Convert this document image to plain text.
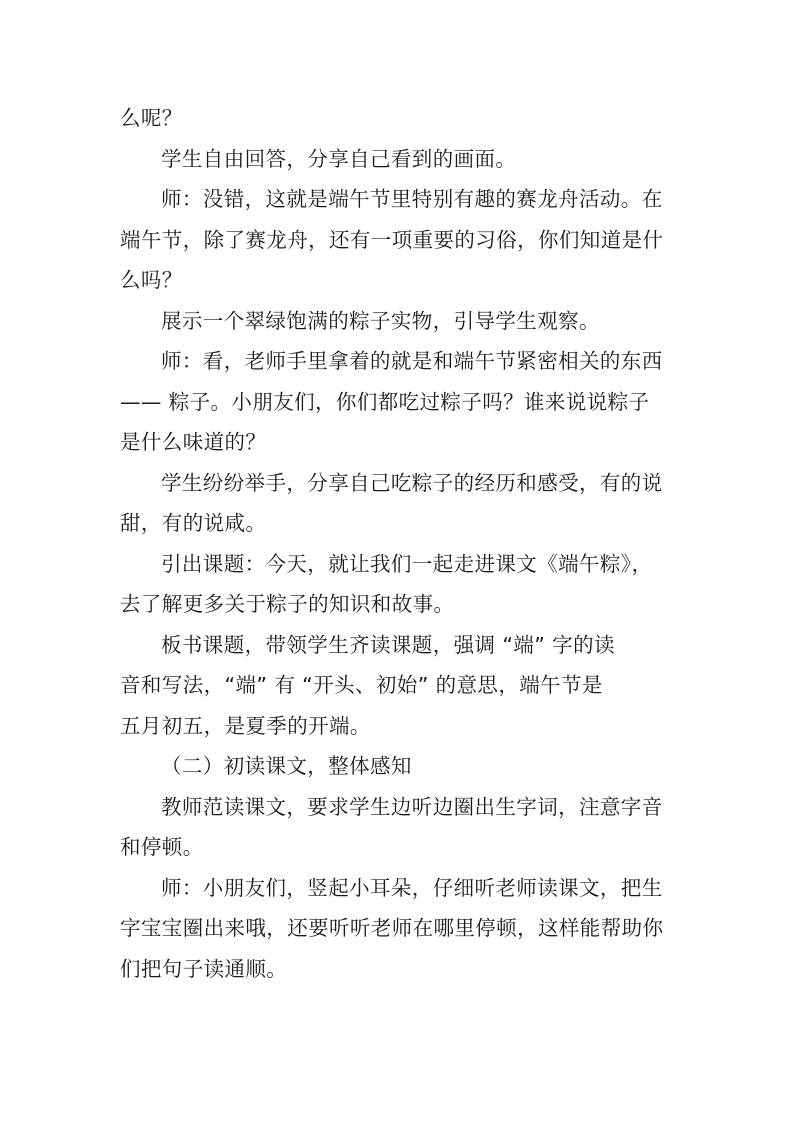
么呢？

学生自由回答，分享自己看到的画面。

师：没错，这就是端午节里特别有趣的赛龙舟活动。在

端午节，除了赛龙舟，还有一项重要的习俗，你们知道是什

么吗？

展示一个翠绿饱满的粽子实物，引导学生观察。

师：看，老师手里拿着的就是和端午节紧密相关的东西

—— 粽子。小朋友们，你们都吃过粽子吗？谁来说说粽子

是什么味道的？

学生纷纷举手，分享自己吃粽子的经历和感受，有的说

甜，有的说咸。

引出课题：今天，就让我们一起走进课文《端午粽》，

去了解更多关于粽子的知识和故事。

板书课题，带领学生齐读课题，强调 “端” 字的读

音和写法，“端” 有 “开头、初始” 的意思，端午节是

五月初五，是夏季的开端。

（二）初读课文，整体感知

教师范读课文，要求学生边听边圈出生字词，注意字音

和停顿。

师：小朋友们，竖起小耳朵，仔细听老师读课文，把生

字宝宝圈出来哦，还要听听老师在哪里停顿，这样能帮助你

们把句子读通顺。
